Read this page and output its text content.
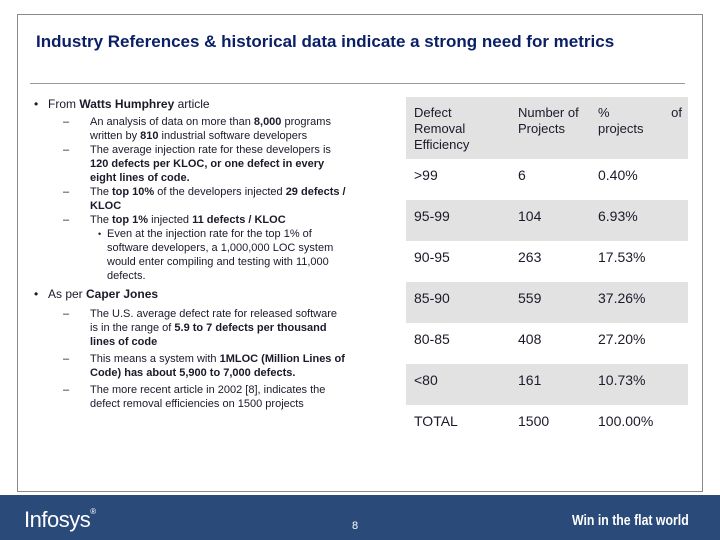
Industry References & historical data indicate a strong need for metrics
• From Watts Humphrey article
– An analysis of data on more than 8,000 programs written by 810 industrial software developers
– The average injection rate for these developers is 120 defects per KLOC, or one defect in every eight lines of code.
– The top 10% of the developers injected 29 defects / KLOC
– The top 1% injected 11 defects / KLOC
• Even at the injection rate for the top 1% of software developers, a 1,000,000 LOC system would enter compiling and testing with 11,000 defects.
• As per Caper Jones
– The U.S. average defect rate for released software is in the range of 5.9 to 7 defects per thousand lines of code
– This means a system with 1MLOC (Million Lines of Code) has about 5,900 to 7,000 defects.
– The more recent article in 2002 [8], indicates the defect removal efficiencies on 1500 projects
Defect Removal Efficiency	Number of Projects	% of
projects
>99	6	0.40%
95-99	104	6.93%
90-95	263	17.53%
85-90	559	37.26%
80-85	408	27.20%
<80	161	10.73%
TOTAL	1500	100.00%
Infosys®
8	Win in the flat world
